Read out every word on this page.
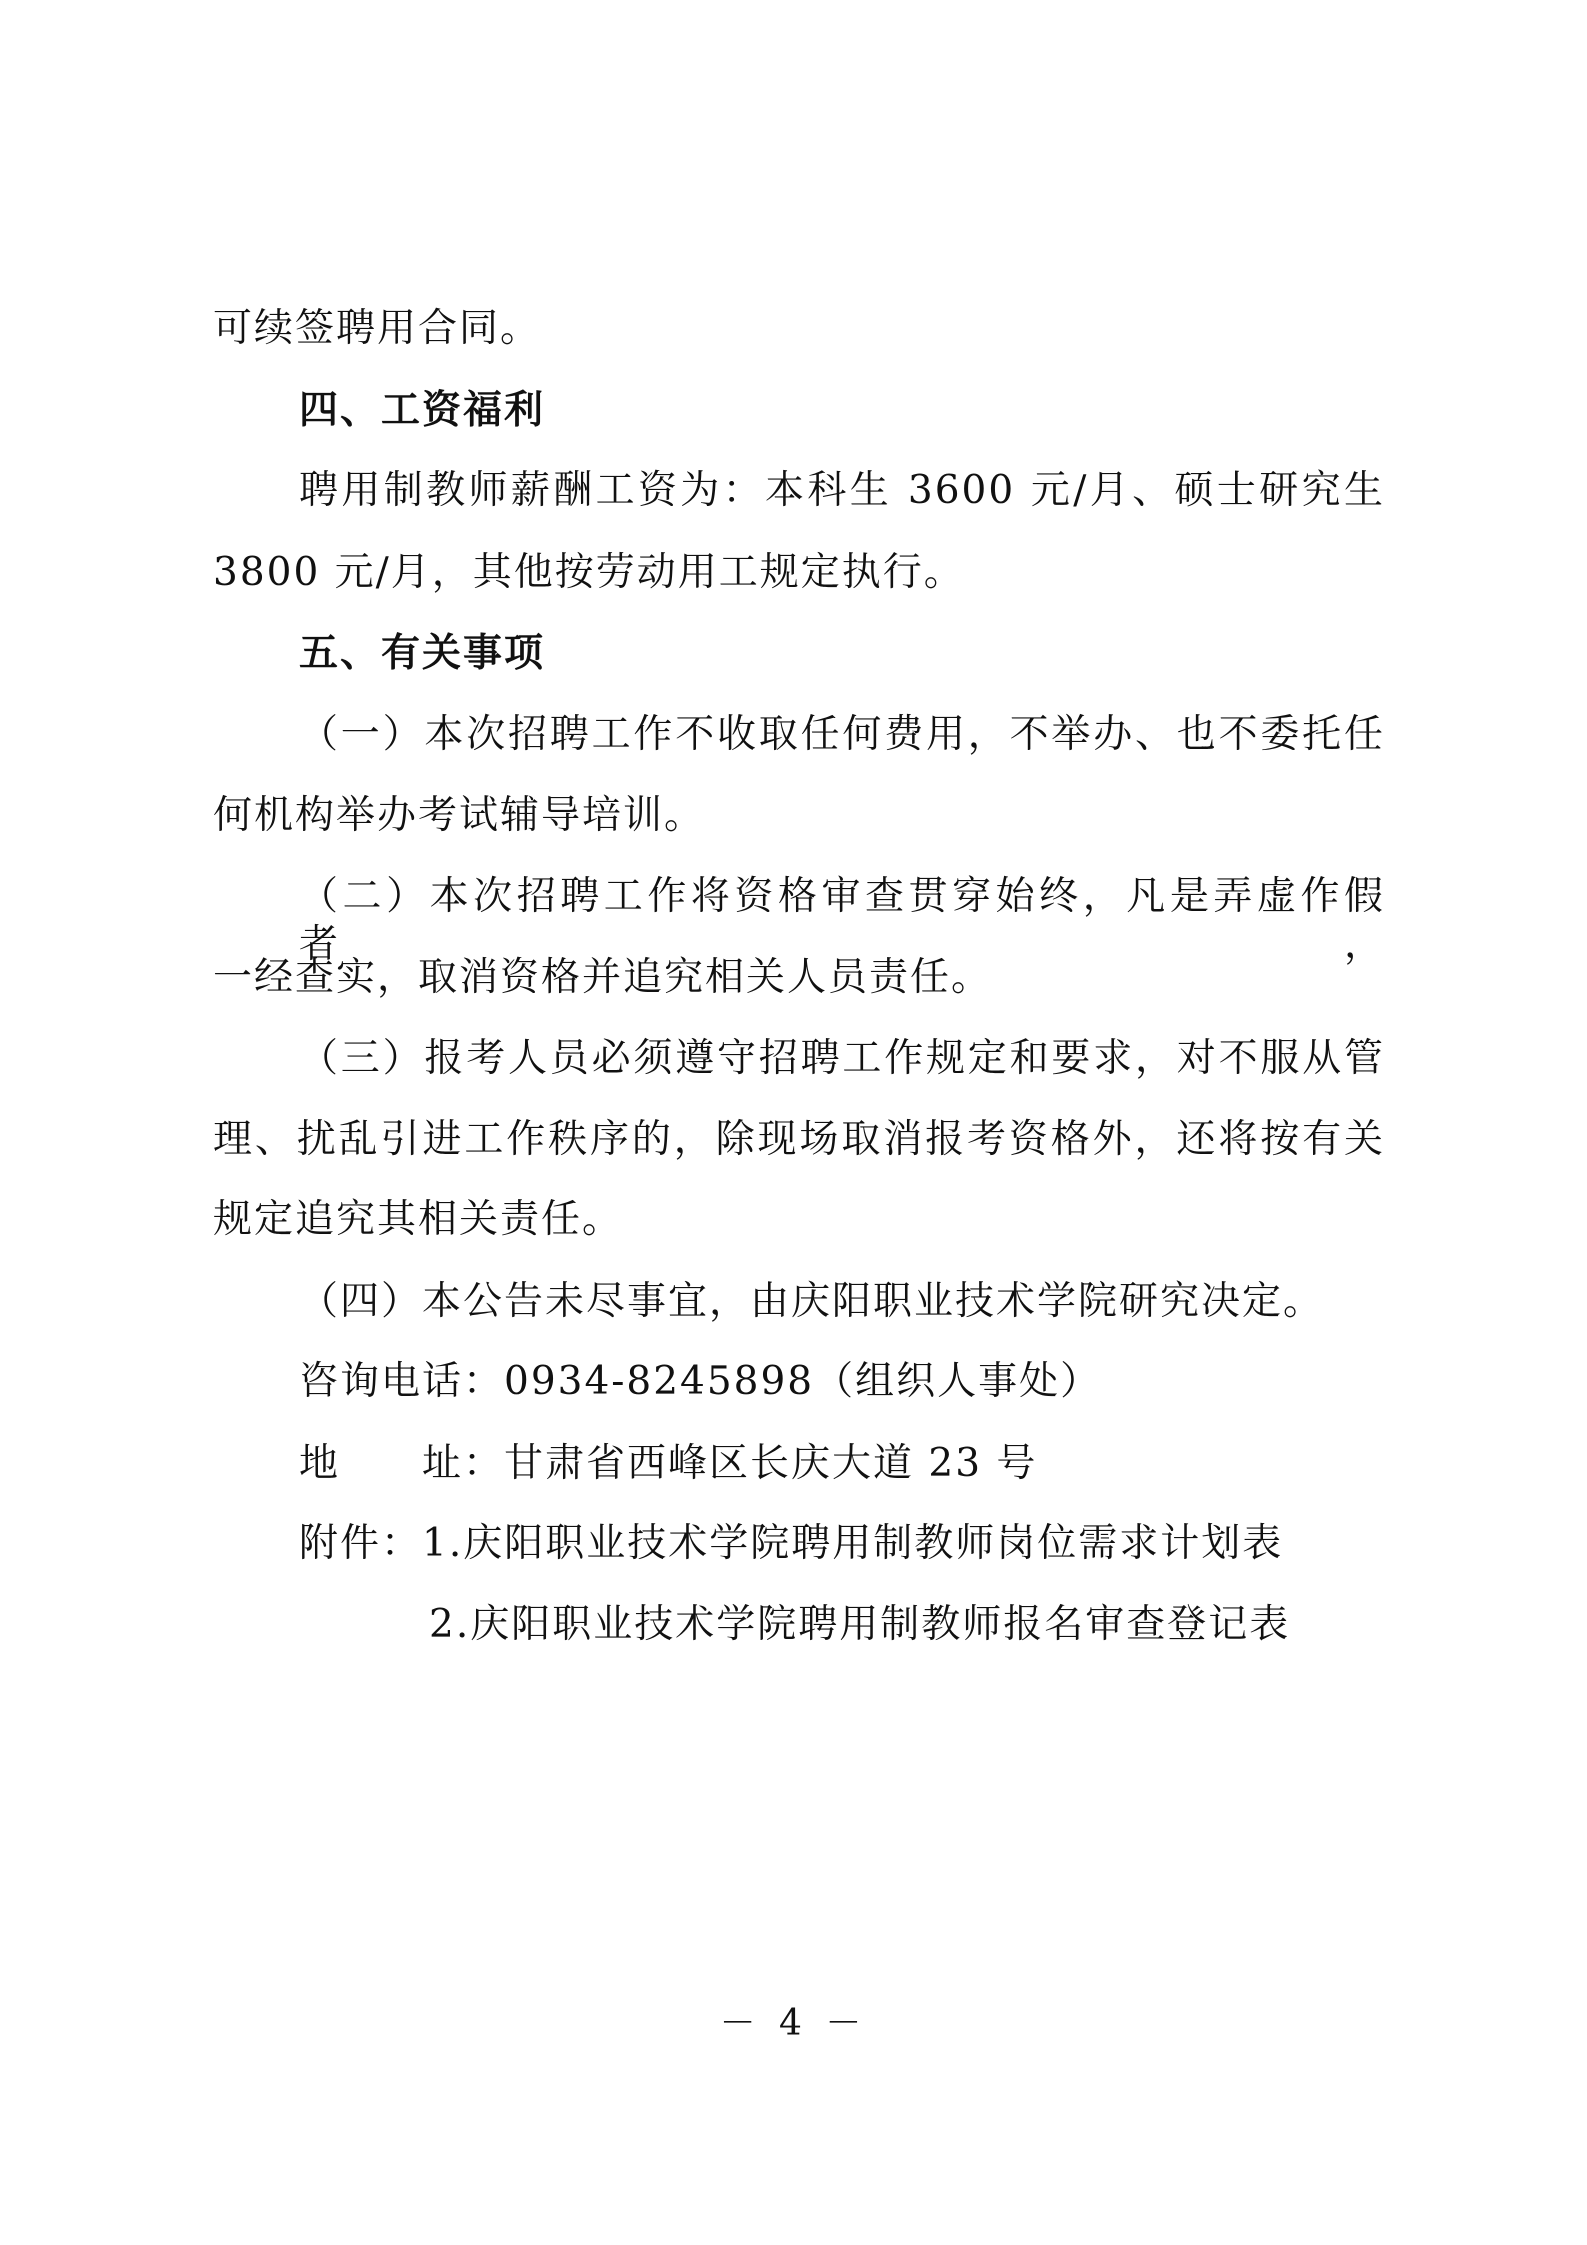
可续签聘用合同。
四、工资福利
聘用制教师薪酬工资为：本科生 3600 元/月、硕士研究生
3800 元/月，其他按劳动用工规定执行。
五、有关事项
（一）本次招聘工作不收取任何费用，不举办、也不委托任
何机构举办考试辅导培训。
（二）本次招聘工作将资格审查贯穿始终，凡是弄虚作假者，
一经查实，取消资格并追究相关人员责任。
（三）报考人员必须遵守招聘工作规定和要求，对不服从管
理、扰乱引进工作秩序的，除现场取消报考资格外，还将按有关
规定追究其相关责任。
（四）本公告未尽事宜，由庆阳职业技术学院研究决定。
咨询电话：0934-8245898（组织人事处）
地　　址：甘肃省西峰区长庆大道 23 号
附件：1.庆阳职业技术学院聘用制教师岗位需求计划表
2.庆阳职业技术学院聘用制教师报名审查登记表
－ 4 －
